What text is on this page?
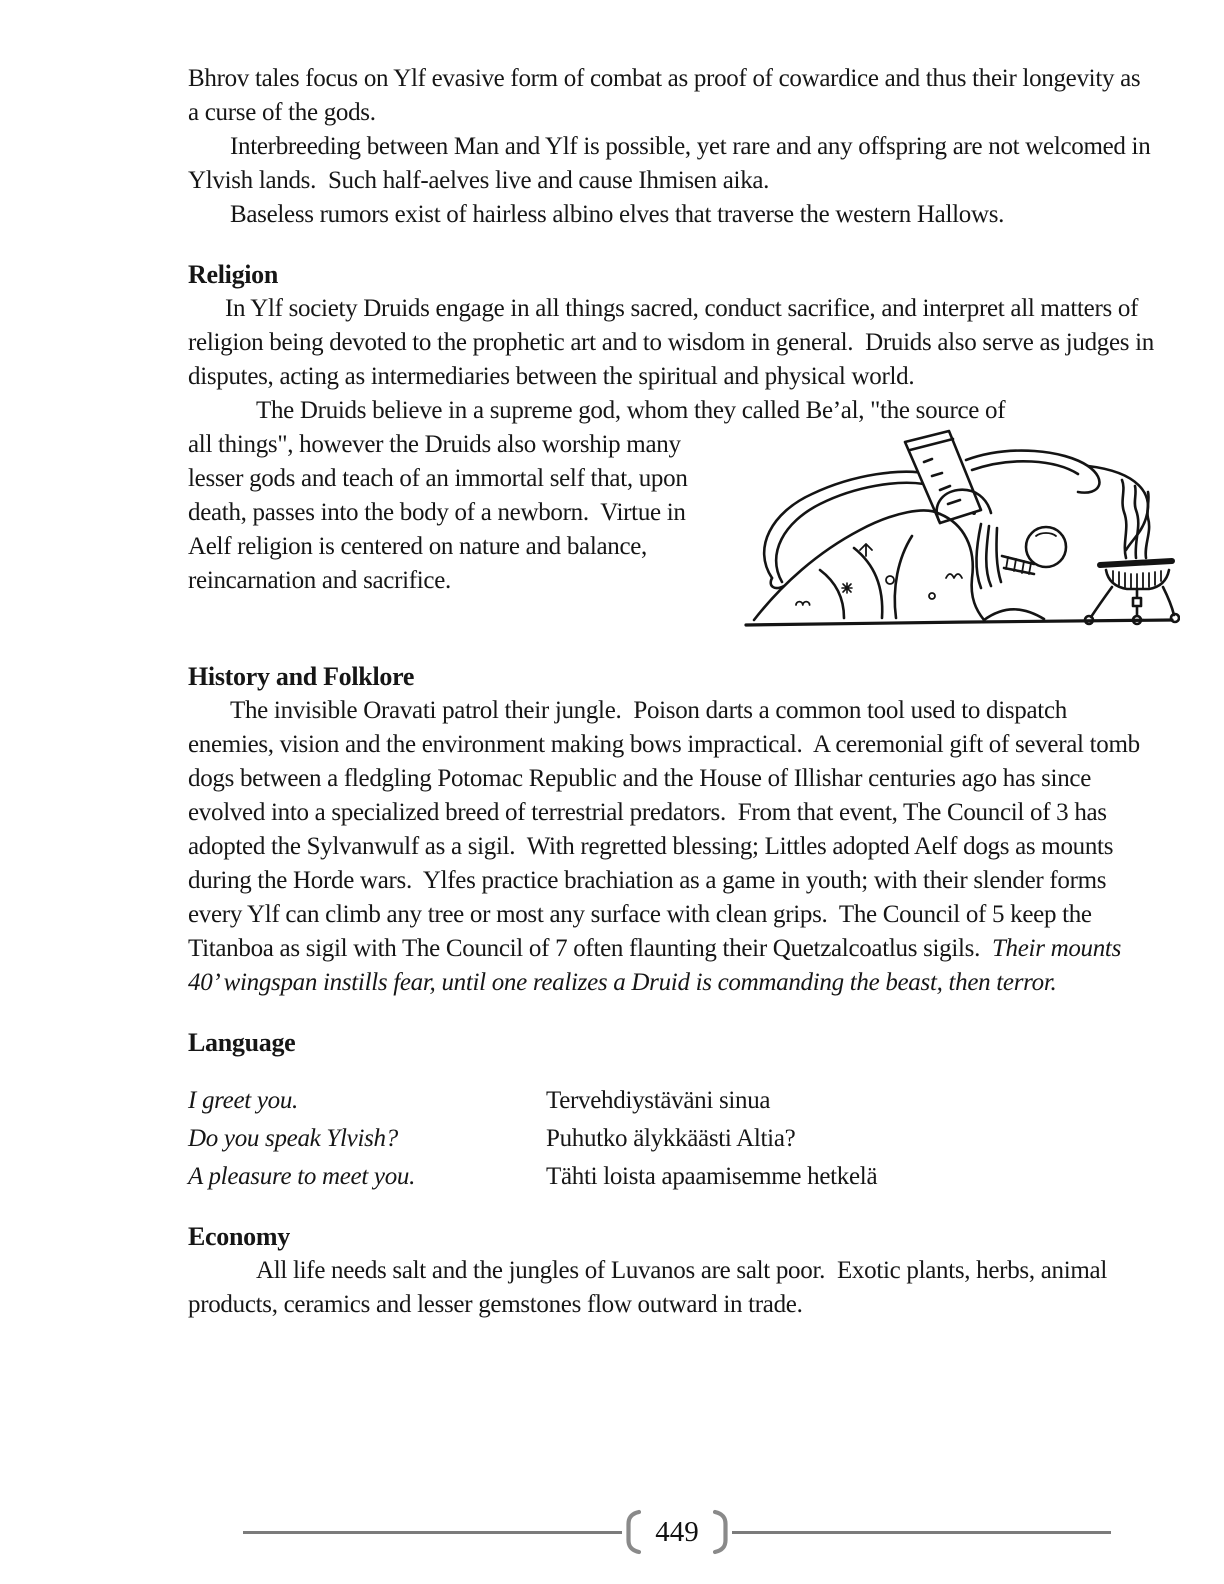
Bhrov tales focus on Ylf evasive form of combat as proof of cowardice and thus their longevity as a curse of the gods.

Interbreeding between Man and Ylf is possible, yet rare and any offspring are not welcomed in Ylvish lands.  Such half-aelves live and cause Ihmisen aika.

Baseless rumors exist of hairless albino elves that traverse the western Hallows.

Religion

In Ylf society Druids engage in all things sacred, conduct sacrifice, and interpret all matters of religion being devoted to the prophetic art and to wisdom in general.  Druids also serve as judges in disputes, acting as intermediaries between the spiritual and physical world.

The Druids believe in a supreme god, whom they called Be’al, "the source of

all things", however the Druids also worship many lesser gods and teach of an immortal self that, upon death, passes into the body of a newborn.  Virtue in Aelf religion is centered on nature and balance, reincarnation and sacrifice.

History and Folklore

The invisible Oravati patrol their jungle.  Poison darts a common tool used to dispatch enemies, vision and the environment making bows impractical.  A ceremonial gift of several tomb dogs between a fledgling Potomac Republic and the House of Illishar centuries ago has since evolved into a specialized breed of terrestrial predators.  From that event, The Council of 3 has adopted the Sylvanwulf as a sigil.  With regretted blessing; Littles adopted Aelf dogs as mounts during the Horde wars.  Ylfes practice brachiation as a game in youth; with their slender forms every Ylf can climb any tree or most any surface with clean grips.  The Council of 5 keep the Titanboa as sigil with The Council of 7 often flaunting their Quetzalcoatlus sigils.  Their mounts 40’ wingspan instills fear, until one realizes a Druid is commanding the beast, then terror.

Language
I greet you.	Tervehdiystäväni sinua
Do you speak Ylvish?	Puhutko älykkäästi Altia?
A pleasure to meet you.	Tähti loista apaamisemme hetkelä
Economy

All life needs salt and the jungles of Luvanos are salt poor.  Exotic plants, herbs, animal products, ceramics and lesser gemstones flow outward in trade.

449
